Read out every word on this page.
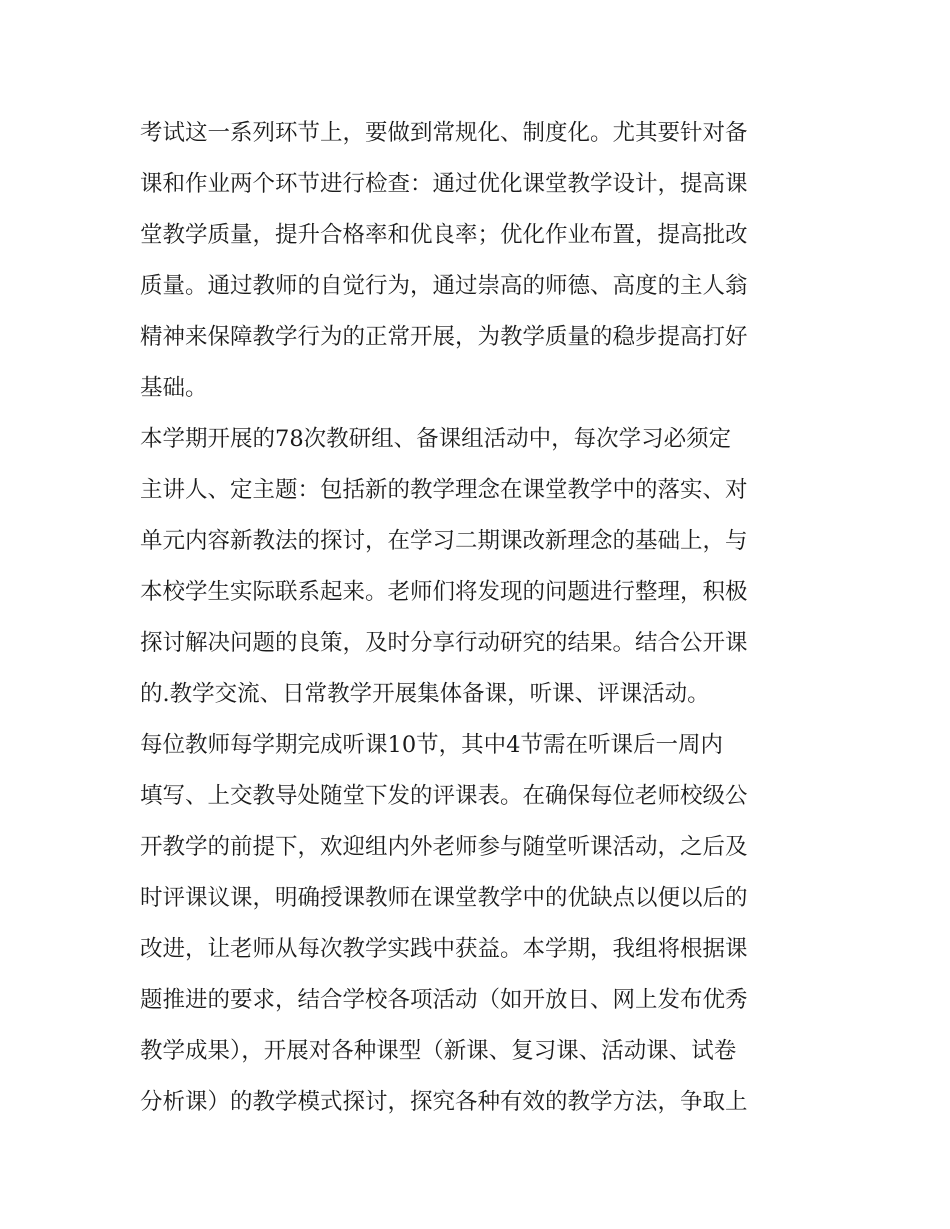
考试这一系列环节上，要做到常规化、制度化。尤其要针对备
课和作业两个环节进行检查：通过优化课堂教学设计，提高课
堂教学质量，提升合格率和优良率；优化作业布置，提高批改
质量。通过教师的自觉行为，通过崇高的师德、高度的主人翁
精神来保障教学行为的正常开展，为教学质量的稳步提高打好
基础。
本学期开展的78次教研组、备课组活动中，每次学习必须定
主讲人、定主题：包括新的教学理念在课堂教学中的落实、对
单元内容新教法的探讨，在学习二期课改新理念的基础上，与
本校学生实际联系起来。老师们将发现的问题进行整理，积极
探讨解决问题的良策，及时分享行动研究的结果。结合公开课
的.教学交流、日常教学开展集体备课，听课、评课活动。
每位教师每学期完成听课10节，其中4节需在听课后一周内
填写、上交教导处随堂下发的评课表。在确保每位老师校级公
开教学的前提下，欢迎组内外老师参与随堂听课活动，之后及
时评课议课，明确授课教师在课堂教学中的优缺点以便以后的
改进，让老师从每次教学实践中获益。本学期，我组将根据课
题推进的要求，结合学校各项活动（如开放日、网上发布优秀
教学成果），开展对各种课型（新课、复习课、活动课、试卷
分析课）的教学模式探讨，探究各种有效的教学方法，争取上
